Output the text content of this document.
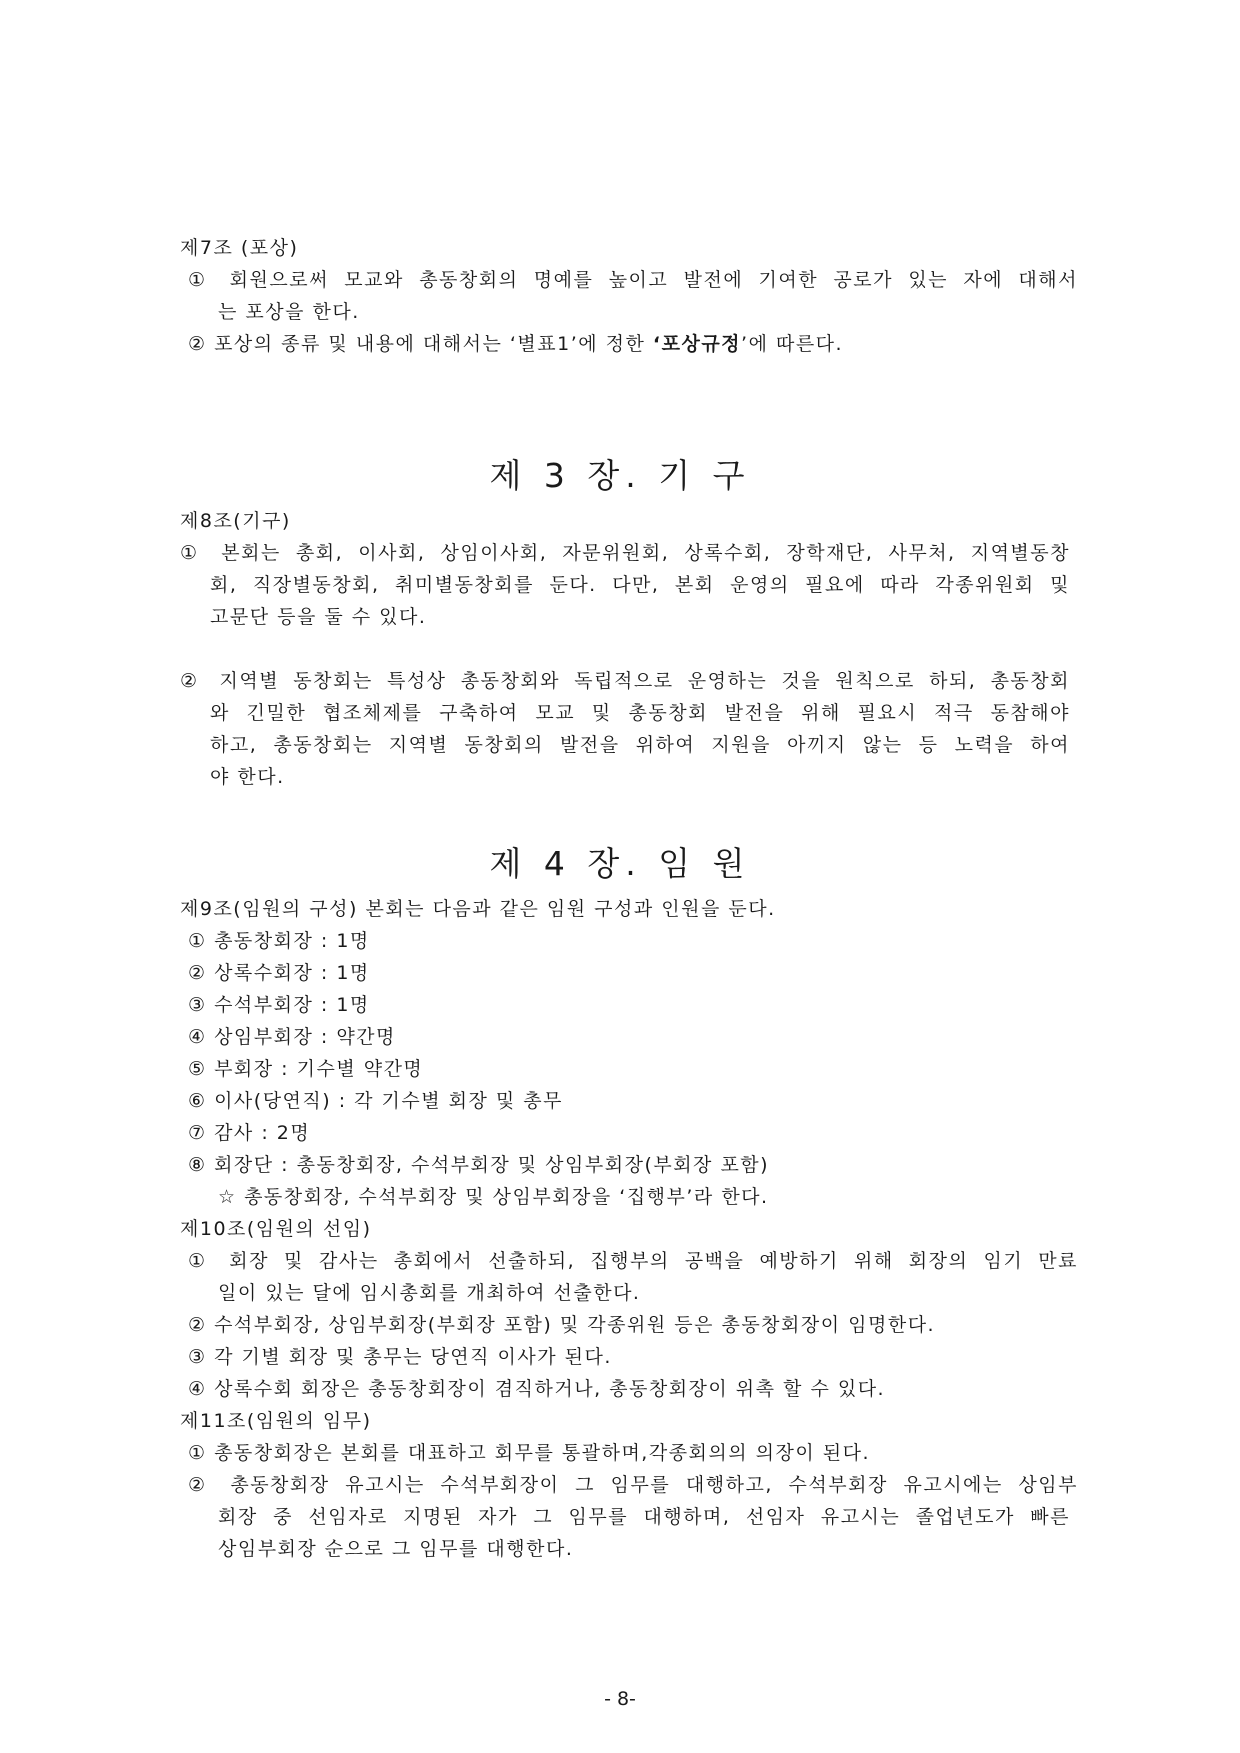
제7조 (포상)
① 회원으로써 모교와 총동창회의 명예를 높이고 발전에 기여한 공로가 있는 자에 대해서
는 포상을 한다.
② 포상의 종류 및 내용에 대해서는 ‘별표1’에 정한 ‘포상규정’에 따른다.
제 3 장. 기 구
제8조(기구)
① 본회는 총회, 이사회, 상임이사회, 자문위원회, 상록수회, 장학재단, 사무처, 지역별동창
회, 직장별동창회, 취미별동창회를 둔다. 다만, 본회 운영의 필요에 따라 각종위원회 및
고문단 등을 둘 수 있다.
② 지역별 동창회는 특성상 총동창회와 독립적으로 운영하는 것을 원칙으로 하되, 총동창회
와 긴밀한 협조체제를 구축하여 모교 및 총동창회 발전을 위해 필요시 적극 동참해야
하고, 총동창회는 지역별 동창회의 발전을 위하여 지원을 아끼지 않는 등 노력을 하여
야 한다.
제 4 장. 임 원
제9조(임원의 구성) 본회는 다음과 같은 임원 구성과 인원을 둔다.
① 총동창회장 : 1명
② 상록수회장 : 1명
③ 수석부회장 : 1명
④ 상임부회장 : 약간명
⑤ 부회장 : 기수별 약간명
⑥ 이사(당연직) : 각 기수별 회장 및 총무
⑦ 감사 : 2명
⑧ 회장단 : 총동창회장, 수석부회장 및 상임부회장(부회장 포함)
☆ 총동창회장, 수석부회장 및 상임부회장을 ‘집행부’라 한다.
제10조(임원의 선임)
① 회장 및 감사는 총회에서 선출하되, 집행부의 공백을 예방하기 위해 회장의 임기 만료
일이 있는 달에 임시총회를 개최하여 선출한다.
② 수석부회장, 상임부회장(부회장 포함) 및 각종위원 등은 총동창회장이 임명한다.
③ 각 기별 회장 및 총무는 당연직 이사가 된다.
④ 상록수회 회장은 총동창회장이 겸직하거나, 총동창회장이 위촉 할 수 있다.
제11조(임원의 임무)
① 총동창회장은 본회를 대표하고 회무를 통괄하며,각종회의의 의장이 된다.
② 총동창회장 유고시는 수석부회장이 그 임무를 대행하고, 수석부회장 유고시에는 상임부
회장 중 선임자로 지명된 자가 그 임무를 대행하며, 선임자 유고시는 졸업년도가 빠른
상임부회장 순으로 그 임무를 대행한다.
- 8-
